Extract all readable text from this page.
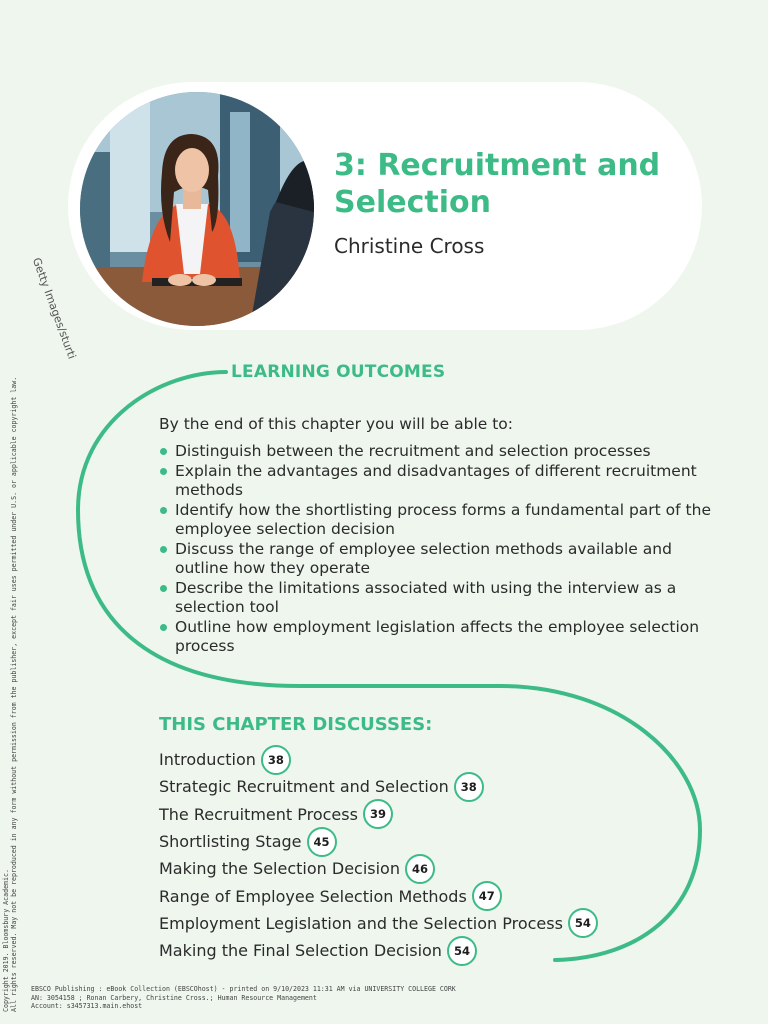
Getty Images/sturti
3: Recruitment and Selection
Christine Cross
Copyright 2019. Bloomsbury Academic. All rights reserved. May not be reproduced in any form without permission from the publisher, except fair uses permitted under U.S. or applicable copyright law.
LEARNING OUTCOMES
By the end of this chapter you will be able to:
Distinguish between the recruitment and selection processes
Explain the advantages and disadvantages of different recruitment methods
Identify how the shortlisting process forms a fundamental part of the employee selection decision
Discuss the range of employee selection methods available and outline how they operate
Describe the limitations associated with using the interview as a selection tool
Outline how employment legislation affects the employee selection process
THIS CHAPTER DISCUSSES:
Introduction	38
Strategic Recruitment and Selection	38
The Recruitment Process	39
Shortlisting Stage	45
Making the Selection Decision	46
Range of Employee Selection Methods	47
Employment Legislation and the Selection Process	54
Making the Final Selection Decision	54
EBSCO Publishing : eBook Collection (EBSCOhost) - printed on 9/10/2023 11:31 AM via UNIVERSITY COLLEGE CORK
AN: 3054158 ; Ronan Carbery, Christine Cross.; Human Resource Management
Account: s3457313.main.ehost
